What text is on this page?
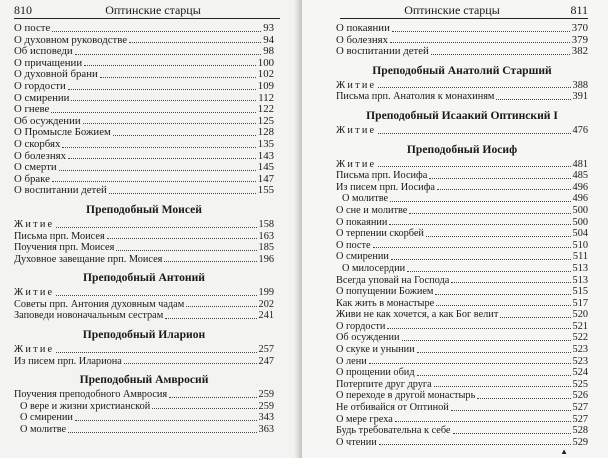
810	Оптинские старцы
О посте	93
О духовном руководстве	94
Об исповеди	98
О причащении	100
О духовной брани	102
О гордости	109
О смирении	112
О гневе	122
Об осуждении	125
О Промысле Божием	128
О скорбях	135
О болезнях	143
О смерти	145
О браке	147
О воспитании детей	155
Преподобный Моисей
Житие	158
Письма прп. Моисея	163
Поучения прп. Моисея	185
Духовное завещание прп. Моисея	196
Преподобный Антоний
Житие	199
Советы прп. Антония духовным чадам	202
Заповеди новоначальным сестрам	241
Преподобный Иларион
Житие	257
Из писем прп. Илариона	247
Преподобный Амвросий
Поучения преподобного Амвросия	259
О вере и жизни христианской	259
О смирении	343
О молитве	363
Оптинские старцы	811
О покаянии	370
О болезнях	379
О воспитании детей	382
Преподобный Анатолий Старший
Житие	388
Письма прп. Анатолия к монахиням	391
Преподобный Исаакий Оптинский I
Житие	476
Преподобный Иосиф
Житие	481
Письма прп. Иосифа	485
Из писем прп. Иосифа	496
О молитве	496
О сне и молитве	500
О покаянии	500
О терпении скорбей	504
О посте	510
О смирении	511
О милосердии	513
Всегда уповай на Господа	513
О попущении Божием	515
Как жить в монастыре	517
Живи не как хочется, а как Бог велит	520
О гордости	521
Об осуждении	522
О скуке и унынии	523
О лени	523
О прощении обид	524
Потерпите друг друга	525
О переходе в другой монастырь	526
Не отбивайся от Оптиной	527
О мере греха	527
Будь требовательна к себе	528
О чтении	529
▲
